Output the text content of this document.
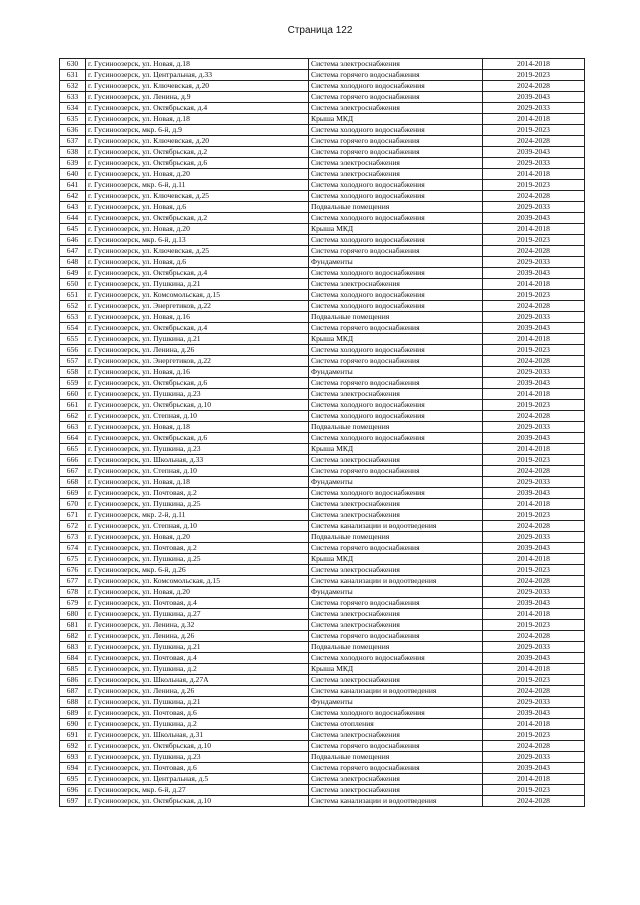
Страница 122
630	г. Гусиноозерск, ул. Новая, д.18	Система электроснабжения	2014-2018
631	г. Гусиноозерск, ул. Центральная, д.33	Система горячего водоснабжения	2019-2023
632	г. Гусиноозерск, ул. Ключевская, д.20	Система холодного водоснабжения	2024-2028
633	г. Гусиноозерск, ул. Ленина, д.9	Система горячего водоснабжения	2039-2043
634	г. Гусиноозерск, ул. Октябрьская, д.4	Система электроснабжения	2029-2033
635	г. Гусиноозерск, ул. Новая, д.18	Крыша МКД	2014-2018
636	г. Гусиноозерск, мкр. 6-й, д.9	Система холодного водоснабжения	2019-2023
637	г. Гусиноозерск, ул. Ключевская, д.20	Система горячего водоснабжения	2024-2028
638	г. Гусиноозерск, ул. Октябрьская, д.2	Система горячего водоснабжения	2039-2043
639	г. Гусиноозерск, ул. Октябрьская, д.6	Система электроснабжения	2029-2033
640	г. Гусиноозерск, ул. Новая, д.20	Система электроснабжения	2014-2018
641	г. Гусиноозерск, мкр. 6-й, д.11	Система холодного водоснабжения	2019-2023
642	г. Гусиноозерск, ул. Ключевская, д.25	Система холодного водоснабжения	2024-2028
643	г. Гусиноозерск, ул. Новая, д.6	Подвальные помещения	2029-2033
644	г. Гусиноозерск, ул. Октябрьская, д.2	Система холодного водоснабжения	2039-2043
645	г. Гусиноозерск, ул. Новая, д.20	Крыша МКД	2014-2018
646	г. Гусиноозерск, мкр. 6-й, д.13	Система холодного водоснабжения	2019-2023
647	г. Гусиноозерск, ул. Ключевская, д.25	Система горячего водоснабжения	2024-2028
648	г. Гусиноозерск, ул. Новая, д.6	Фундаменты	2029-2033
649	г. Гусиноозерск, ул. Октябрьская, д.4	Система холодного водоснабжения	2039-2043
650	г. Гусиноозерск, ул. Пушкина, д.21	Система электроснабжения	2014-2018
651	г. Гусиноозерск, ул. Комсомольская, д.15	Система холодного водоснабжения	2019-2023
652	г. Гусиноозерск, ул. Энергетиков, д.22	Система холодного водоснабжения	2024-2028
653	г. Гусиноозерск, ул. Новая, д.16	Подвальные помещения	2029-2033
654	г. Гусиноозерск, ул. Октябрьская, д.4	Система горячего водоснабжения	2039-2043
655	г. Гусиноозерск, ул. Пушкина, д.21	Крыша МКД	2014-2018
656	г. Гусиноозерск, ул. Ленина, д.26	Система холодного водоснабжения	2019-2023
657	г. Гусиноозерск, ул. Энергетиков, д.22	Система горячего водоснабжения	2024-2028
658	г. Гусиноозерск, ул. Новая, д.16	Фундаменты	2029-2033
659	г. Гусиноозерск, ул. Октябрьская, д.6	Система горячего водоснабжения	2039-2043
660	г. Гусиноозерск, ул. Пушкина, д.23	Система электроснабжения	2014-2018
661	г. Гусиноозерск, ул. Октябрьская, д.10	Система холодного водоснабжения	2019-2023
662	г. Гусиноозерск, ул. Степная, д.10	Система холодного водоснабжения	2024-2028
663	г. Гусиноозерск, ул. Новая, д.18	Подвальные помещения	2029-2033
664	г. Гусиноозерск, ул. Октябрьская, д.6	Система холодного водоснабжения	2039-2043
665	г. Гусиноозерск, ул. Пушкина, д.23	Крыша МКД	2014-2018
666	г. Гусиноозерск, ул. Школьная, д.33	Система электроснабжения	2019-2023
667	г. Гусиноозерск, ул. Степная, д.10	Система горячего водоснабжения	2024-2028
668	г. Гусиноозерск, ул. Новая, д.18	Фундаменты	2029-2033
669	г. Гусиноозерск, ул. Почтовая, д.2	Система холодного водоснабжения	2039-2043
670	г. Гусиноозерск, ул. Пушкина, д.25	Система электроснабжения	2014-2018
671	г. Гусиноозерск, мкр. 2-й, д.11	Система электроснабжения	2019-2023
672	г. Гусиноозерск, ул. Степная, д.10	Система канализации и водоотведения	2024-2028
673	г. Гусиноозерск, ул. Новая, д.20	Подвальные помещения	2029-2033
674	г. Гусиноозерск, ул. Почтовая, д.2	Система горячего водоснабжения	2039-2043
675	г. Гусиноозерск, ул. Пушкина, д.25	Крыша МКД	2014-2018
676	г. Гусиноозерск, мкр. 6-й, д.26	Система электроснабжения	2019-2023
677	г. Гусиноозерск, ул. Комсомольская, д.15	Система канализации и водоотведения	2024-2028
678	г. Гусиноозерск, ул. Новая, д.20	Фундаменты	2029-2033
679	г. Гусиноозерск, ул. Почтовая, д.4	Система горячего водоснабжения	2039-2043
680	г. Гусиноозерск, ул. Пушкина, д.27	Система электроснабжения	2014-2018
681	г. Гусиноозерск, ул. Ленина, д.32	Система электроснабжения	2019-2023
682	г. Гусиноозерск, ул. Ленина, д.26	Система горячего водоснабжения	2024-2028
683	г. Гусиноозерск, ул. Пушкина, д.21	Подвальные помещения	2029-2033
684	г. Гусиноозерск, ул. Почтовая, д.4	Система холодного водоснабжения	2039-2043
685	г. Гусиноозерск, ул. Пушкина, д.2	Крыша МКД	2014-2018
686	г. Гусиноозерск, ул. Школьная, д.27А	Система электроснабжения	2019-2023
687	г. Гусиноозерск, ул. Ленина, д.26	Система канализации и водоотведения	2024-2028
688	г. Гусиноозерск, ул. Пушкина, д.21	Фундаменты	2029-2033
689	г. Гусиноозерск, ул. Почтовая, д.6	Система холодного водоснабжения	2039-2043
690	г. Гусиноозерск, ул. Пушкина, д.2	Система отопления	2014-2018
691	г. Гусиноозерск, ул. Школьная, д.31	Система электроснабжения	2019-2023
692	г. Гусиноозерск, ул. Октябрьская, д.10	Система горячего водоснабжения	2024-2028
693	г. Гусиноозерск, ул. Пушкина, д.23	Подвальные помещения	2029-2033
694	г. Гусиноозерск, ул. Почтовая, д.6	Система горячего водоснабжения	2039-2043
695	г. Гусиноозерск, ул. Центральная, д.5	Система электроснабжения	2014-2018
696	г. Гусиноозерск, мкр. 6-й, д.27	Система электроснабжения	2019-2023
697	г. Гусиноозерск, ул. Октябрьская, д.10	Система канализации и водоотведения	2024-2028
